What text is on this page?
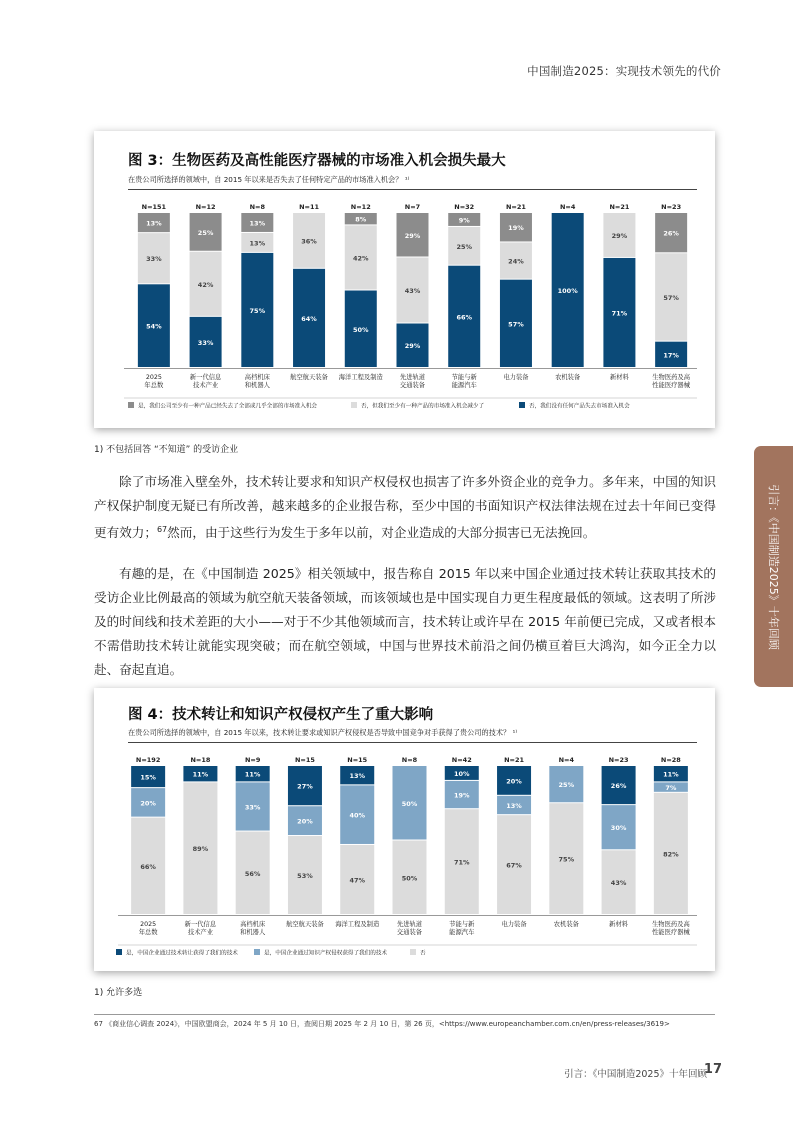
中国制造2025：实现技术领先的代价
图 3：生物医药及高性能医疗器械的市场准入机会损失最大
在贵公司所选择的领域中，自 2015 年以来是否失去了任何特定产品的市场准入机会？ ¹⁾
54%
33%
13%
N=151
2025
年总数
33%
42%
25%
N=12
新一代信息
技术产业
75%
13%
13%
N=8
高档机床
和机器人
64%
36%
N=11
航空航天装备
50%
42%
8%
N=12
海洋工程及制造
29%
43%
29%
N=7
先进轨道
交通装备
66%
25%
9%
N=32
节能与新
能源汽车
57%
24%
19%
N=21
电力装备
100%
N=4
农机装备
71%
29%
N=21
新材料
17%
57%
26%
N=23
生物医药及高
性能医疗器械
是，我们公司至少有一种产品已经失去了全部或几乎全部的市场准入机会	否，但我们至少有一种产品的市场准入机会减少了	否，我们没有任何产品失去市场准入机会
1) 不包括回答 “不知道” 的受访企业

除了市场准入壁垒外，技术转让要求和知识产权侵权也损害了许多外资企业的竞争力。多年来，中国的知识产权保护制度无疑已有所改善，越来越多的企业报告称，至少中国的书面知识产权法律法规在过去十年间已变得更有效力；$^{67}$然而，由于这些行为发生于多年以前，对企业造成的大部分损害已无法挽回。

有趣的是，在《中国制造 2025》相关领域中，报告称自 2015 年以来中国企业通过技术转让获取其技术的受访企业比例最高的领域为航空航天装备领域，而该领域也是中国实现自力更生程度最低的领域。这表明了所涉及的时间线和技术差距的大小——对于不少其他领域而言，技术转让或许早在 2015 年前便已完成，又或者根本不需借助技术转让就能实现突破；而在航空领域，中国与世界技术前沿之间仍横亘着巨大鸿沟，如今正全力以赴、奋起直追。

引言：《中国制造2025》十年回顾
图 4：技术转让和知识产权侵权产生了重大影响
在贵公司所选择的领域中，自 2015 年以来，技术转让要求或知识产权侵权是否导致中国竞争对手获得了贵公司的技术？ ¹⁾
66%
20%
15%
N=192
2025
年总数
89%
11%
N=18
新一代信息
技术产业
56%
33%
11%
N=9
高档机床
和机器人
53%
20%
27%
N=15
航空航天装备
47%
40%
13%
N=15
海洋工程及制造
50%
50%
N=8
先进轨道
交通装备
71%
19%
10%
N=42
节能与新
能源汽车
67%
13%
20%
N=21
电力装备
75%
25%
N=4
农机装备
43%
30%
26%
N=23
新材料
82%
7%
11%
N=28
生物医药及高
性能医疗器械
是，中国企业通过技术转让获得了我们的技术	是，中国企业通过知识产权侵权获得了我们的技术	否
1) 允许多选
67 《商业信心调查 2024》，中国欧盟商会，2024 年 5 月 10 日，查阅日期 2025 年 2 月 10 日，第 26 页，<https://www.europeanchamber.com.cn/en/press-releases/3619>
引言：《中国制造2025》十年回顾
17
